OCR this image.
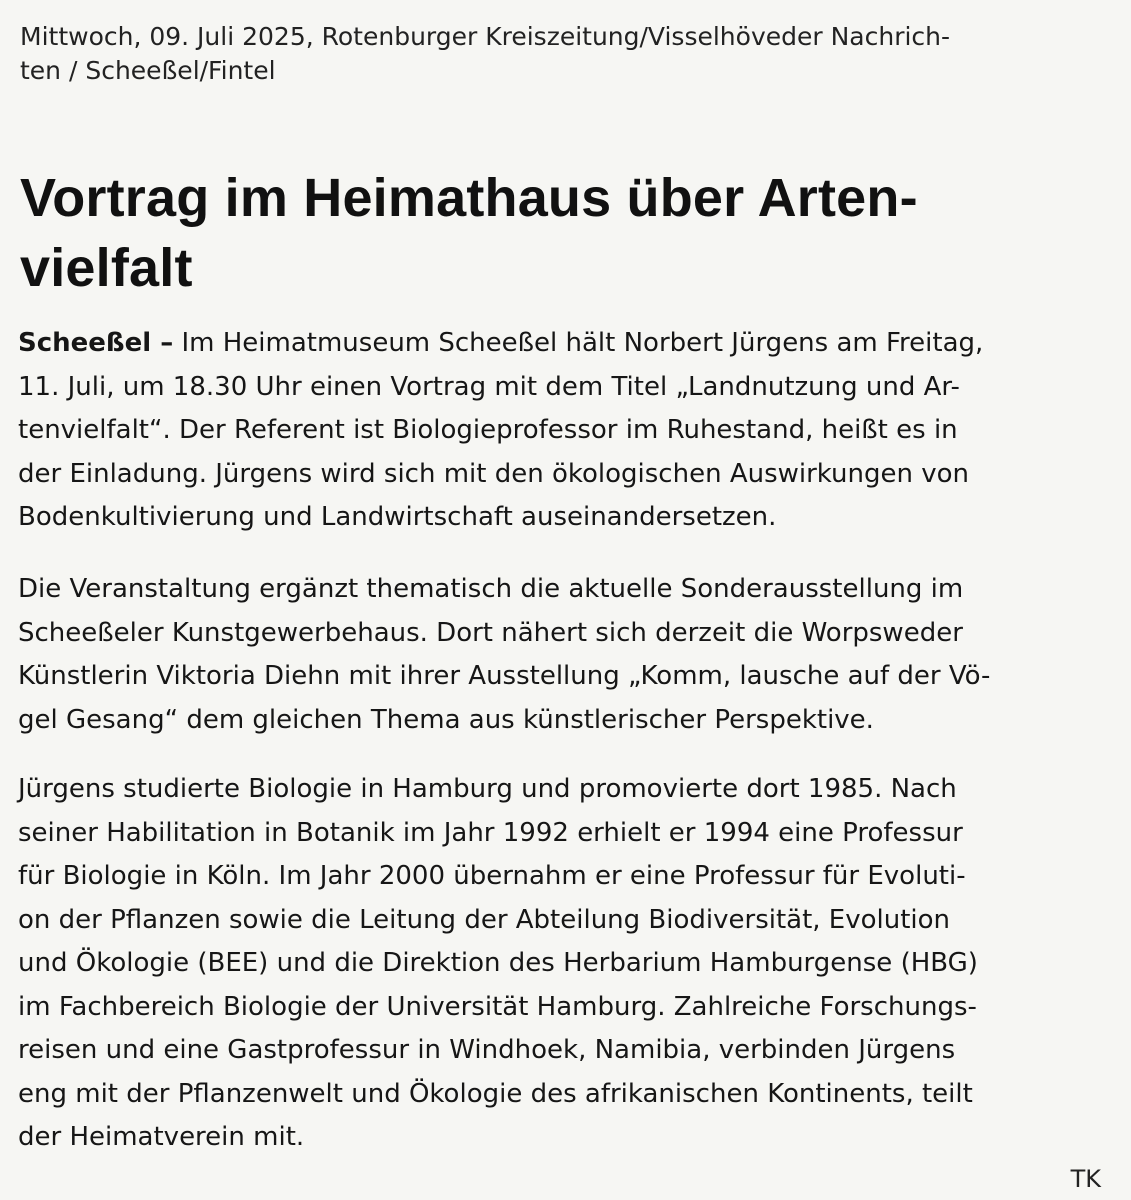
Mittwoch, 09. Juli 2025, Rotenburger Kreiszeitung/Visselhöveder Nachrich-
ten / Scheeßel/Fintel
Vortrag im Heimathaus über Arten-
vielfalt
Scheeßel – Im Heimatmuseum Scheeßel hält Norbert Jürgens am Freitag,
11. Juli, um 18.30 Uhr einen Vortrag mit dem Titel „Landnutzung und Ar-
tenvielfalt“. Der Referent ist Biologieprofessor im Ruhestand, heißt es in
der Einladung. Jürgens wird sich mit den ökologischen Auswirkungen von
Bodenkultivierung und Landwirtschaft auseinandersetzen.
Die Veranstaltung ergänzt thematisch die aktuelle Sonderausstellung im
Scheeßeler Kunstgewerbehaus. Dort nähert sich derzeit die Worpsweder
Künstlerin Viktoria Diehn mit ihrer Ausstellung „Komm, lausche auf der Vö-
gel Gesang“ dem gleichen Thema aus künstlerischer Perspektive.
Jürgens studierte Biologie in Hamburg und promovierte dort 1985. Nach
seiner Habilitation in Botanik im Jahr 1992 erhielt er 1994 eine Professur
für Biologie in Köln. Im Jahr 2000 übernahm er eine Professur für Evoluti-
on der Pflanzen sowie die Leitung der Abteilung Biodiversität, Evolution
und Ökologie (BEE) und die Direktion des Herbarium Hamburgense (HBG)
im Fachbereich Biologie der Universität Hamburg. Zahlreiche Forschungs-
reisen und eine Gastprofessur in Windhoek, Namibia, verbinden Jürgens
eng mit der Pflanzenwelt und Ökologie des afrikanischen Kontinents, teilt
der Heimatverein mit.
TK
